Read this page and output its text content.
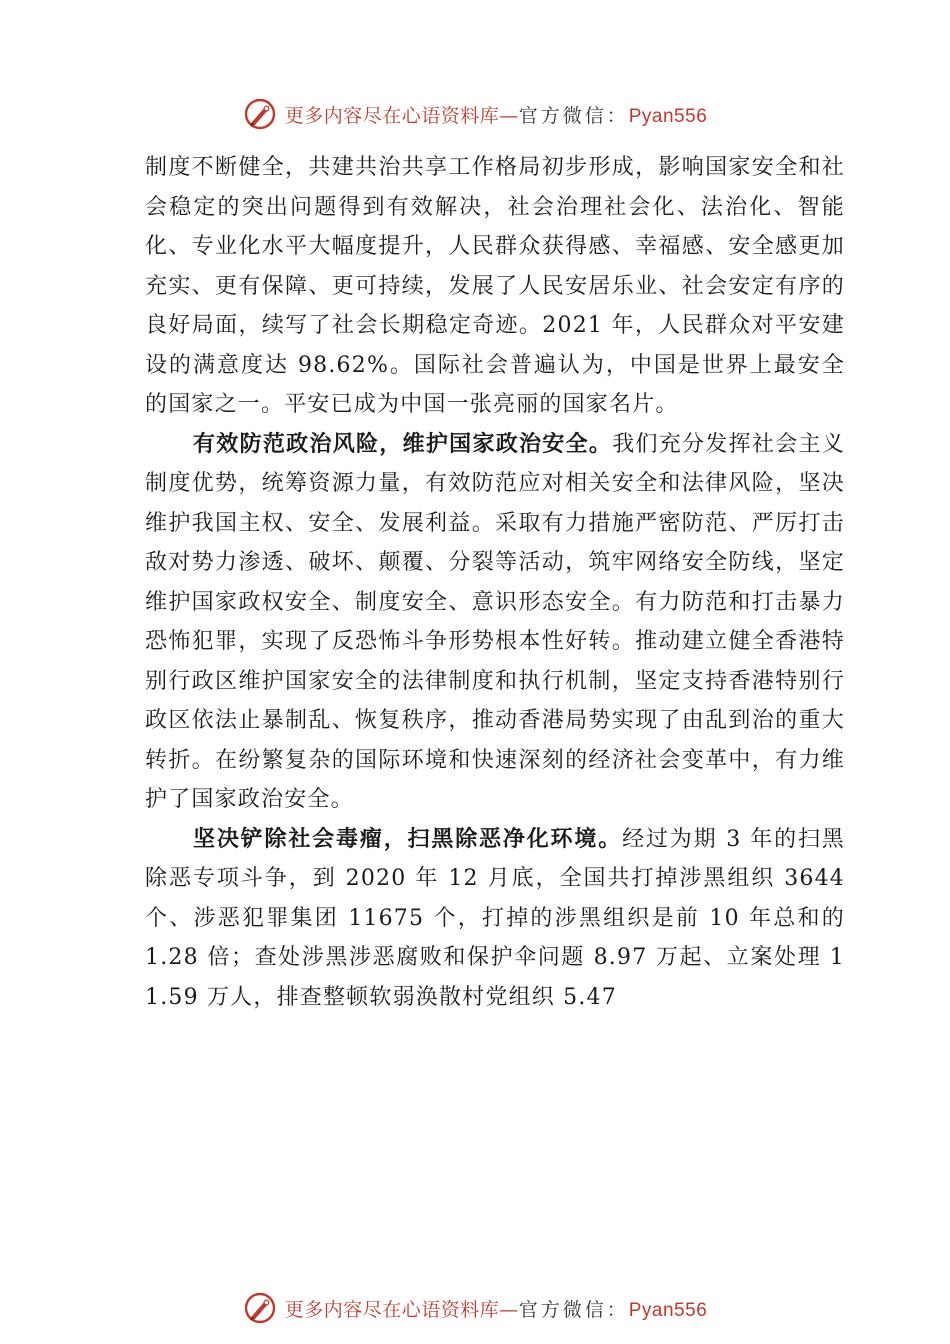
更多内容尽在心语资料库—官方微信：Pyan556

制度不断健全，共建共治共享工作格局初步形成，影响国家安全和社会稳定的突出问题得到有效解决，社会治理社会化、法治化、智能化、专业化水平大幅度提升，人民群众获得感、幸福感、安全感更加充实、更有保障、更可持续，发展了人民安居乐业、社会安定有序的良好局面，续写了社会长期稳定奇迹。2021 年，人民群众对平安建设的满意度达 98.62%。国际社会普遍认为，中国是世界上最安全的国家之一。平安已成为中国一张亮丽的国家名片。

有效防范政治风险，维护国家政治安全。我们充分发挥社会主义制度优势，统筹资源力量，有效防范应对相关安全和法律风险，坚决维护我国主权、安全、发展利益。采取有力措施严密防范、严厉打击敌对势力渗透、破坏、颠覆、分裂等活动，筑牢网络安全防线，坚定维护国家政权安全、制度安全、意识形态安全。有力防范和打击暴力恐怖犯罪，实现了反恐怖斗争形势根本性好转。推动建立健全香港特别行政区维护国家安全的法律制度和执行机制，坚定支持香港特别行政区依法止暴制乱、恢复秩序，推动香港局势实现了由乱到治的重大转折。在纷繁复杂的国际环境和快速深刻的经济社会变革中，有力维护了国家政治安全。

坚决铲除社会毒瘤，扫黑除恶净化环境。经过为期 3 年的扫黑除恶专项斗争，到 2020 年 12 月底，全国共打掉涉黑组织 3644 个、涉恶犯罪集团 11675 个，打掉的涉黑组织是前 10 年总和的 1.28 倍；查处涉黑涉恶腐败和保护伞问题 8.97 万起、立案处理 11.59 万人，排查整顿软弱涣散村党组织 5.47

更多内容尽在心语资料库—官方微信：Pyan556
